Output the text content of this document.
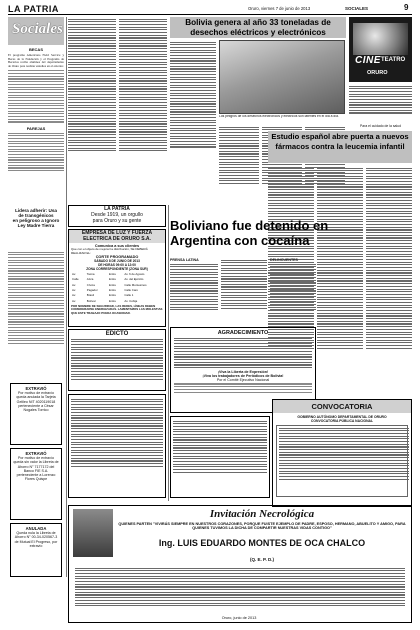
LA PATRIA	Oruro, viernes 7 de junio de 2013	SOCIALES	9
Sociales
BECAS
El programa Americano Field Service y Becas de la Fundación y el Programa de Becarios recibe alumnos del departamento de Oruro para realizar estudios en el exterior.
PAREJAS
Lidera adherir: Usa
de transgénicos
en peligroso a Ignoro
Ley Madre Tierra
EXTRAVIÓ
Por motivo de extravío queda anulada la Tarjeta Gelileo NIT 4020119018 perteneciente a César Nogales Torrico
EXTRAVIÓ
Por motivo de extravío queda sin valor la Libreta de Ahorro N° 7177172 del Banco FIE S.A. perteneciente a Lorenzo Flores Quispe
ANULADA
Queda nula la Libreta de Ahorro N° 00-34-020567-3 de Mutual El Progreso, por extravío
Bolivia genera al año 33 toneladas de desechos eléctricos y electrónicos
Los peligros de los desechos electrónicos y eléctricos son latentes en el día a día.
CINE TEATRO
ORURO
Para el cuidado de la salud
Estudio español abre puerta a nuevos fármacos contra la leucemia infantil
LA PATRIA
Desde 1919, un orgullo
para Oruro y su gente
EMPRESA DE LUZ Y FUERZA ELECTRICA DE ORURO S.A.
Comunica a sus clientes
Que con el objeto de mejorar la distribución, SE DEBERÁ REALIZAR EL:
CORTE PROGRAMADO
SÁBADO 8 DE JUNIO DE 2013
DE HORAS 09:00 A 12:00
ZONA CORRESPONDIENTE (ZONA SUR)
Av.	Tacna	Entre	Av. 6 de Agosto
Calle	Arica	Entre	Av. del Ejército
Av.	Cívica	Entre	Calle Montesinos
Av.	Pagador	Entre	Calle Caro
Av.	Brasil	Entre	Calle 1
Av.	Bolívar	Entre	Av. Cobija
POR NOMBRE DE SEGURIDAD, LAS REDES, LÍNEAS DEBEN CONSIDERARSE ENERGIZADAS. LAMENTAMOS LAS MOLESTIAS QUE ESTE TRABAJO PUEDA OCASIONAR.
EDICTO
Boliviano fue detenido en Argentina con cocaína
PRENSA LATINA	DELINCUENTES
AGRADECIMIENTO
¡Viva la Liberta de Expresión!
¡Viva los trabajadores de Periódicos de Bolivia!
Por el Comité Ejecutivo Nacional
CONVOCATORIA
GOBIERNO AUTÓNOMO DEPARTAMENTAL DE ORURO
CONVOCATORIA PÚBLICA NACIONAL
Invitación Necrológica
QUIENES PARTEN "VIVIRÁS SIEMPRE EN NUESTROS CORAZONES, PORQUE FUISTE EJEMPLO DE PADRE, ESPOSO, HERMANO, ABUELITO Y AMIGO, PARA QUIENES TUVIMOS LA DICHA DE COMPARTIR NUESTRAS VIDAS CONTIGO"
Ing. LUIS EDUARDO MONTES DE OCA CHALCO
(Q. E. P. D.)
Oruro, junio de 2013
